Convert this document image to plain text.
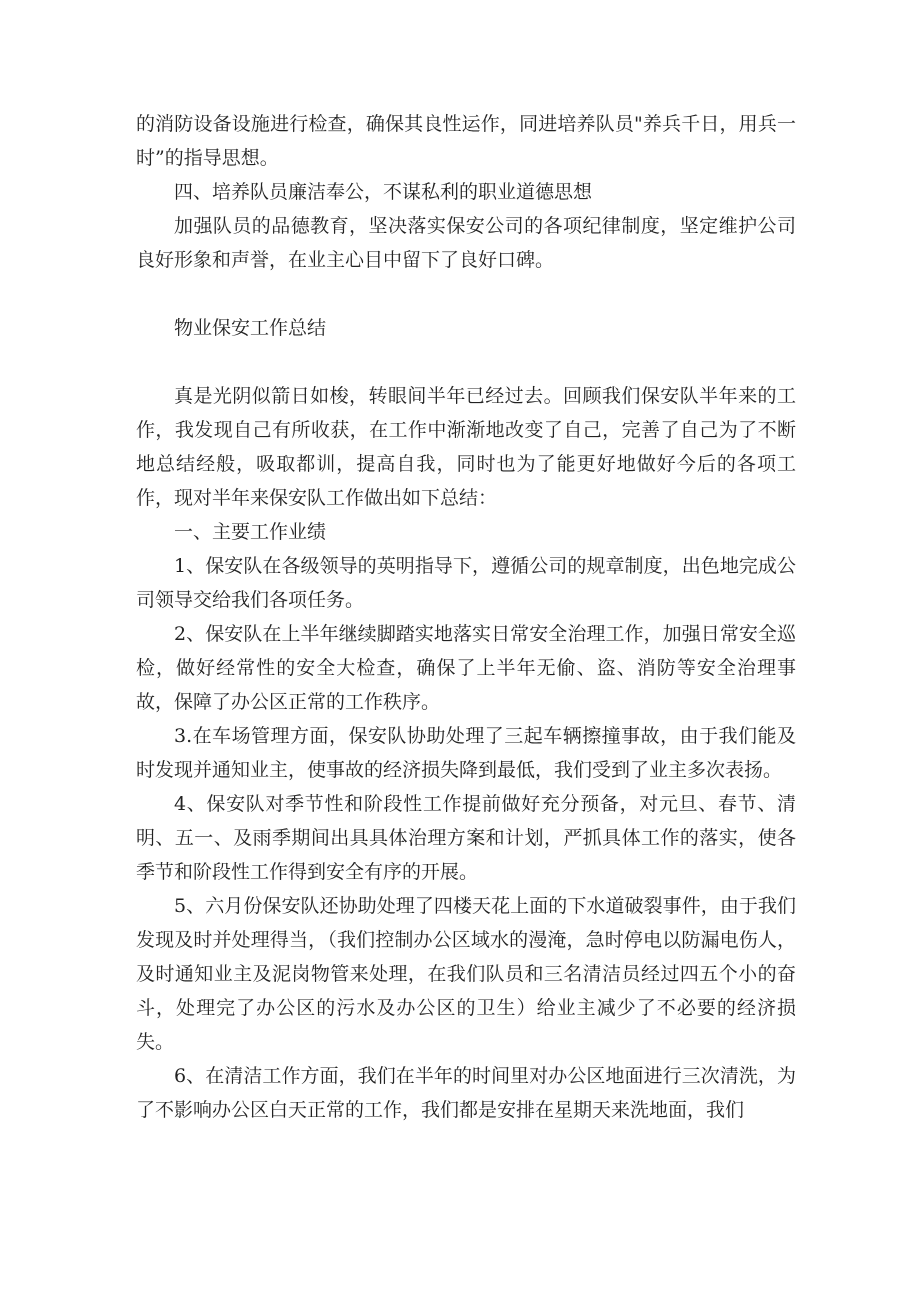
的消防设备设施进行检查，确保其良性运作，同进培养队员"养兵千日，用兵一时”的指导思想。

四、培养队员廉洁奉公，不谋私利的职业道德思想

加强队员的品德教育，坚决落实保安公司的各项纪律制度，坚定维护公司良好形象和声誉，在业主心目中留下了良好口碑。

物业保安工作总结

真是光阴似箭日如梭，转眼间半年已经过去。回顾我们保安队半年来的工作，我发现自己有所收获，在工作中渐渐地改变了自己，完善了自己为了不断地总结经般，吸取都训，提高自我，同时也为了能更好地做好今后的各项工作，现对半年来保安队工作做出如下总结：

一、主要工作业绩

1、保安队在各级领导的英明指导下，遵循公司的规章制度，出色地完成公司领导交给我们各项任务。

2、保安队在上半年继续脚踏实地落实日常安全治理工作，加强日常安全巡检，做好经常性的安全大检查，确保了上半年无偷、盗、消防等安全治理事故，保障了办公区正常的工作秩序。

3.在车场管理方面，保安队协助处理了三起车辆擦撞事故，由于我们能及时发现并通知业主，使事故的经济损失降到最低，我们受到了业主多次表扬。

4、保安队对季节性和阶段性工作提前做好充分预备，对元旦、春节、清明、五一、及雨季期间出具具体治理方案和计划，严抓具体工作的落实，使各季节和阶段性工作得到安全有序的开展。

5、六月份保安队还协助处理了四楼天花上面的下水道破裂事件，由于我们发现及时并处理得当，（我们控制办公区域水的漫淹，急时停电以防漏电伤人，及时通知业主及泥岗物管来处理，在我们队员和三名清洁员经过四五个小的奋斗，处理完了办公区的污水及办公区的卫生）给业主减少了不必要的经济损失。

6、在清洁工作方面，我们在半年的时间里对办公区地面进行三次清洗，为了不影响办公区白天正常的工作，我们都是安排在星期天来洗地面，我们
